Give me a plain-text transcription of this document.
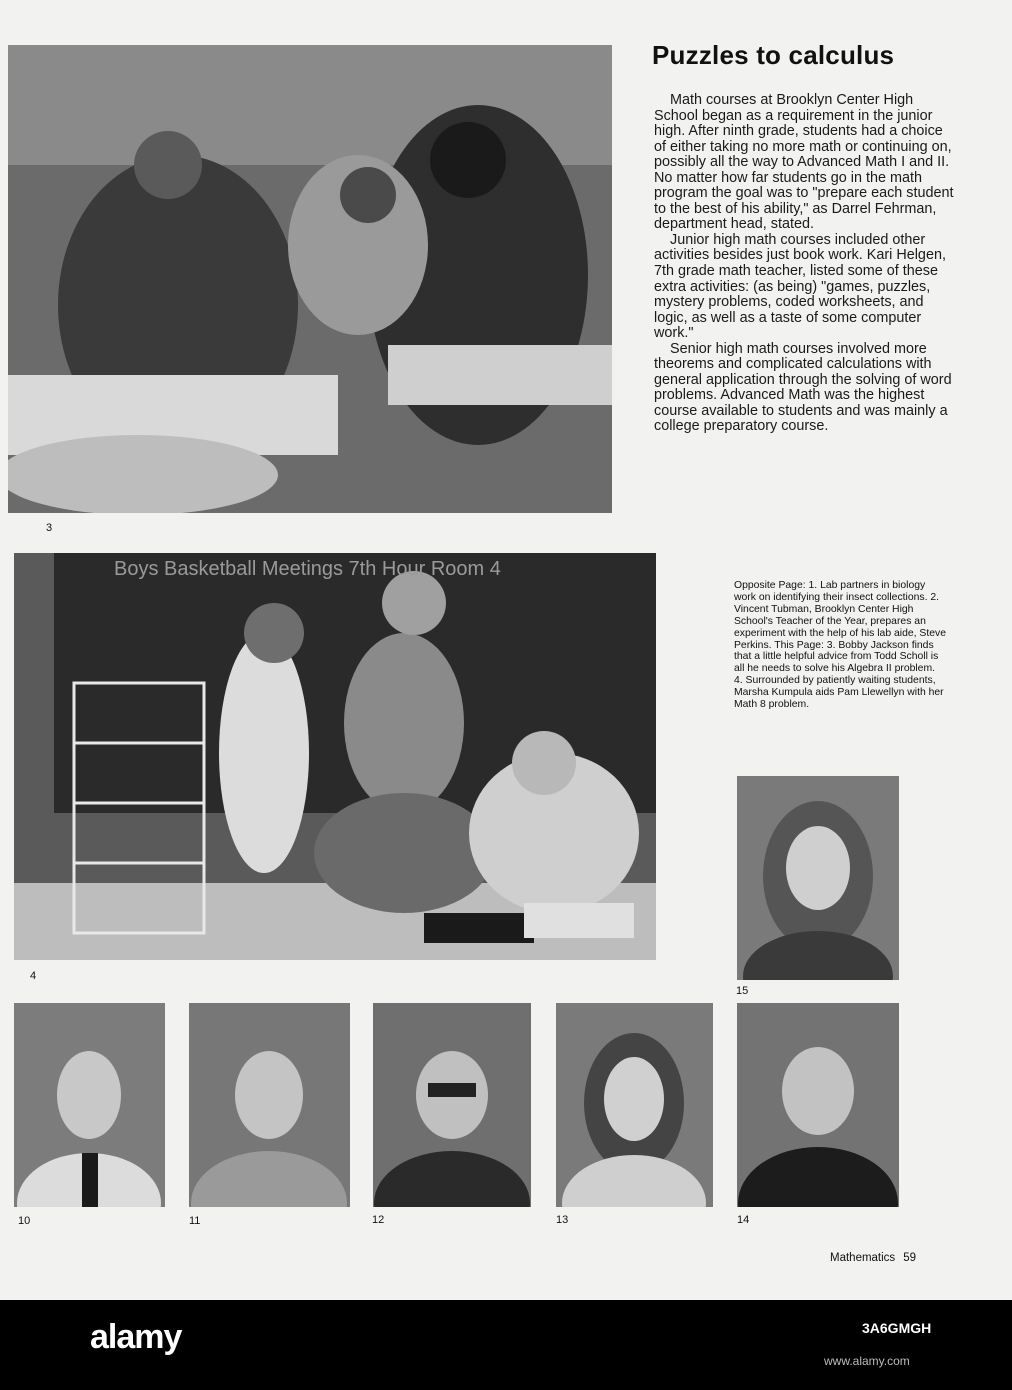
3
Puzzles to calculus

Math courses at Brooklyn Center High School began as a requirement in the junior high. After ninth grade, students had a choice of either taking no more math or continuing on, possibly all the way to Advanced Math I and II. No matter how far students go in the math program the goal was to "prepare each student to the best of his ability," as Darrel Fehrman, department head, stated.

Junior high math courses included other activities besides just book work. Kari Helgen, 7th grade math teacher, listed some of these extra activities: (as being) "games, puzzles, mystery problems, coded worksheets, and logic, as well as a taste of some computer work."

Senior high math courses involved more theorems and complicated calculations with general application through the solving of word problems. Advanced Math was the highest course available to students and was mainly a college preparatory course.

Boys Basketball Meetings 7th Hour Room 4
4
Opposite Page: 1. Lab partners in biology work on identifying their insect collections. 2. Vincent Tubman, Brooklyn Center High School's Teacher of the Year, prepares an experiment with the help of his lab aide, Steve Perkins. This Page: 3. Bobby Jackson finds that a little helpful advice from Todd Scholl is all he needs to solve his Algebra II problem. 4. Surrounded by patiently waiting students, Marsha Kumpula aids Pam Llewellyn with her Math 8 problem.
15
10	11	12	13	14
Mathematics 59
alamy	3A6GMGH
www.alamy.com
